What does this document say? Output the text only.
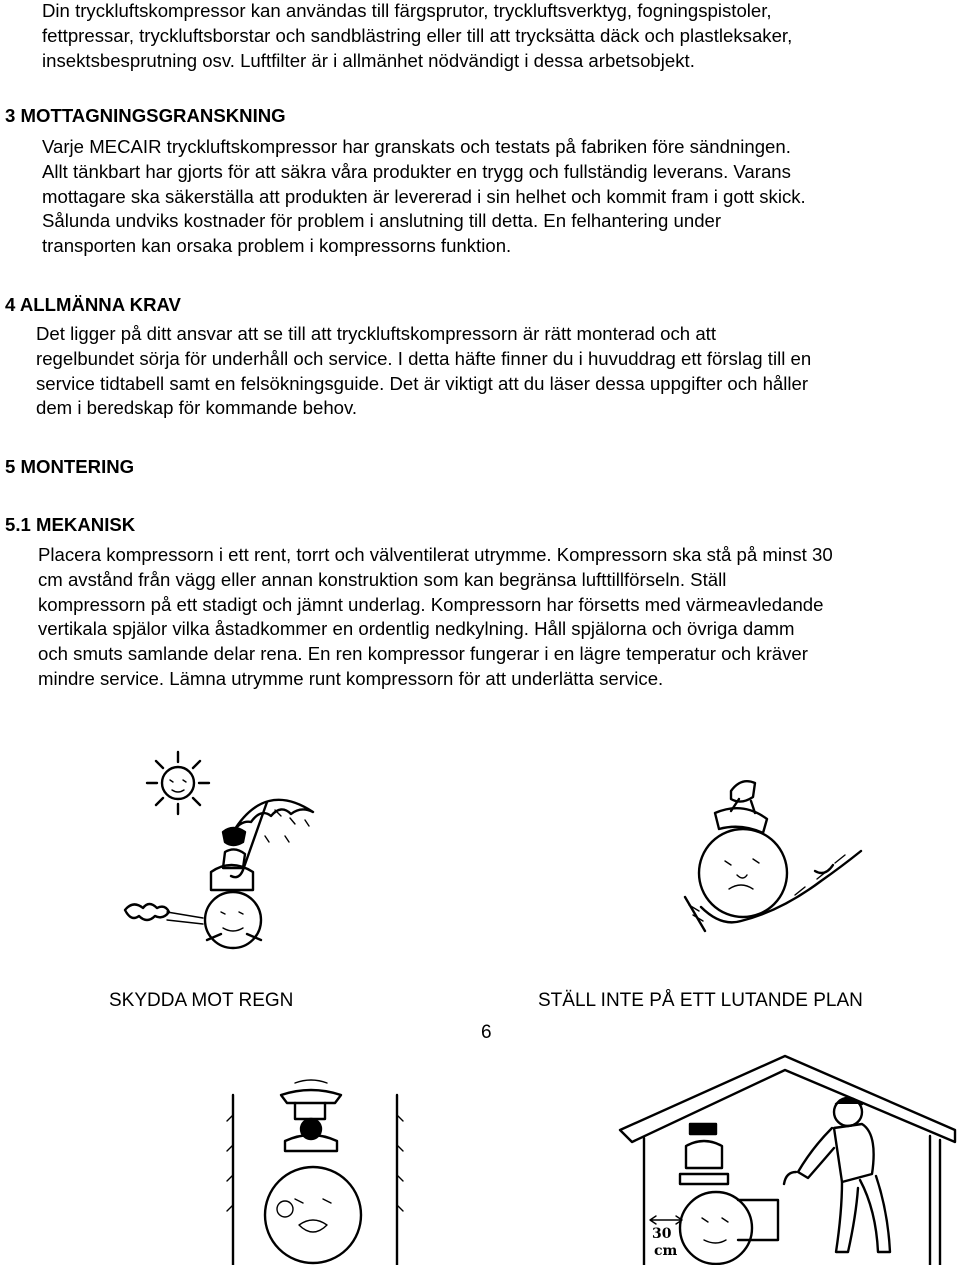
Din tryckluftskompressor kan användas till färgsprutor, tryckluftsverktyg, fogningspistoler,
fettpressar, tryckluftsborstar och sandblästring eller till att trycksätta däck och plastleksaker,
insektsbesprutning osv. Luftfilter är i allmänhet nödvändigt i dessa arbetsobjekt.
3 MOTTAGNINGSGRANSKNING
Varje MECAIR tryckluftskompressor har granskats och testats på fabriken före sändningen.
Allt tänkbart har gjorts för att säkra våra produkter en trygg och fullständig leverans. Varans
mottagare ska säkerställa att produkten är levererad i sin helhet och kommit fram i gott skick.
Sålunda undviks kostnader för problem i anslutning till detta. En felhantering under
transporten kan orsaka problem i kompressorns funktion.
4 ALLMÄNNA KRAV
Det ligger på ditt ansvar att se till att tryckluftskompressorn är rätt monterad och att
regelbundet sörja för underhåll och service. I detta häfte finner du i huvuddrag ett förslag till en
service tidtabell samt en felsökningsguide. Det är viktigt att du läser dessa uppgifter och håller
dem i beredskap för kommande behov.
5 MONTERING
5.1 MEKANISK
Placera kompressorn i ett rent, torrt och välventilerat utrymme. Kompressorn ska stå på minst 30
cm avstånd från vägg eller annan konstruktion som kan begränsa lufttillförseln. Ställ
kompressorn på ett stadigt och jämnt underlag. Kompressorn har försetts med värmeavledande
vertikala spjälor vilka åstadkommer en ordentlig nedkylning. Håll spjälorna och övriga damm
och smuts samlande delar rena. En ren kompressor fungerar i en lägre temperatur och kräver
mindre service. Lämna utrymme runt kompressorn för att underlätta service.
SKYDDA MOT REGN	STÄLL INTE PÅ ETT LUTANDE PLAN
6
30
cm
